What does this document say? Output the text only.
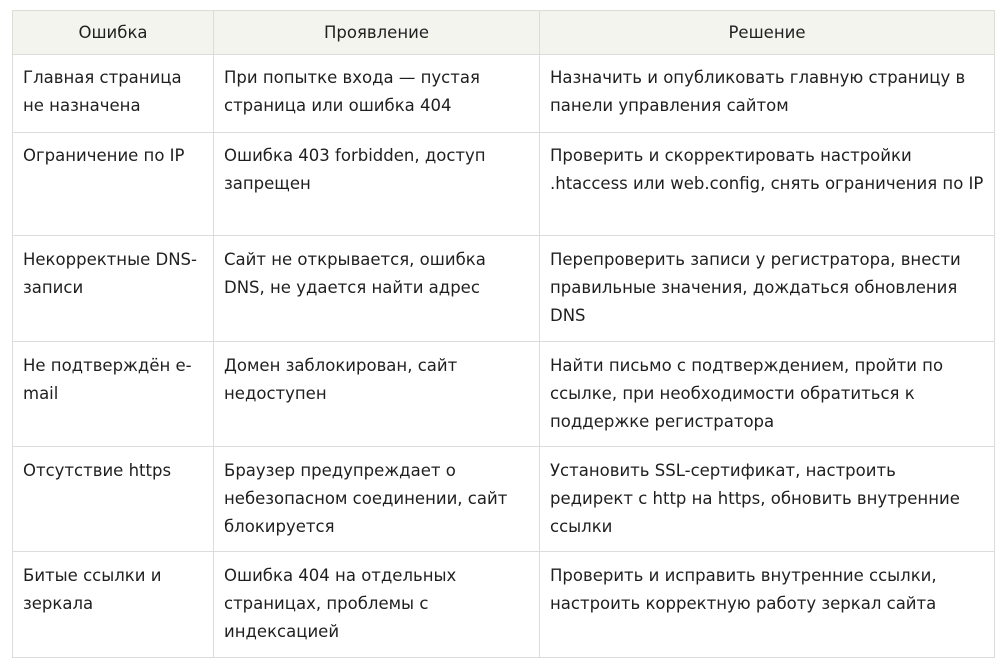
Ошибка	Проявление	Решение

Главная страница не назначена	При попытке входа — пустая страница или ошибка 404	Назначить и опубликовать главную страницу в панели управления сайтом

Ограничение по IP	Ошибка 403 forbidden, доступ запрещен	Проверить и скорректировать настройки .htaccess или web.config, снять ограничения по IP

Некорректные DNS-записи	Сайт не открывается, ошибка DNS, не удается найти адрес	Перепроверить записи у регистратора, внести правильные значения, дождаться обновления DNS

Не подтверждён e-mail	Домен заблокирован, сайт недоступен	Найти письмо с подтверждением, пройти по ссылке, при необходимости обратиться к поддержке регистратора

Отсутствие https	Браузер предупреждает о небезопасном соединении, сайт блокируется	Установить SSL-сертификат, настроить редирект с http на https, обновить внутренние ссылки

Битые ссылки и зеркала	Ошибка 404 на отдельных страницах, проблемы с индексацией	Проверить и исправить внутренние ссылки, настроить корректную работу зеркал сайта
